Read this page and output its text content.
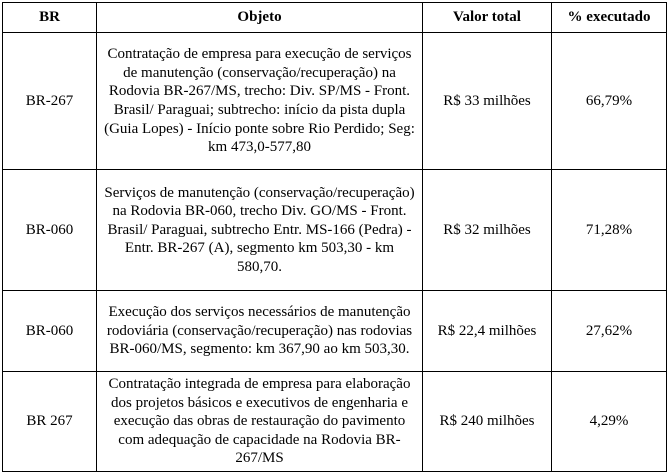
BR	Objeto	Valor total	% executado
BR-267	Contratação de empresa para execução de serviços de manutenção (conservação/recuperação) na Rodovia BR-267/MS, trecho: Div. SP/MS - Front. Brasil/ Paraguai; subtrecho: início da pista dupla (Guia Lopes) - Início ponte sobre Rio Perdido; Seg: km 473,0-577,80	R$ 33 milhões	66,79%
BR-060	Serviços de manutenção (conservação/recuperação) na Rodovia BR-060, trecho Div. GO/MS - Front. Brasil/ Paraguai, subtrecho Entr. MS-166 (Pedra) - Entr. BR-267 (A), segmento km 503,30 - km 580,70.	R$ 32 milhões	71,28%
BR-060	Execução dos serviços necessários de manutenção rodoviária (conservação/recuperação) nas rodovias BR-060/MS, segmento: km 367,90 ao km 503,30.	R$ 22,4 milhões	27,62%
BR 267	Contratação integrada de empresa para elaboração dos projetos básicos e executivos de engenharia e execução das obras de restauração do pavimento com adequação de capacidade na Rodovia BR-267/MS	R$ 240 milhões	4,29%
